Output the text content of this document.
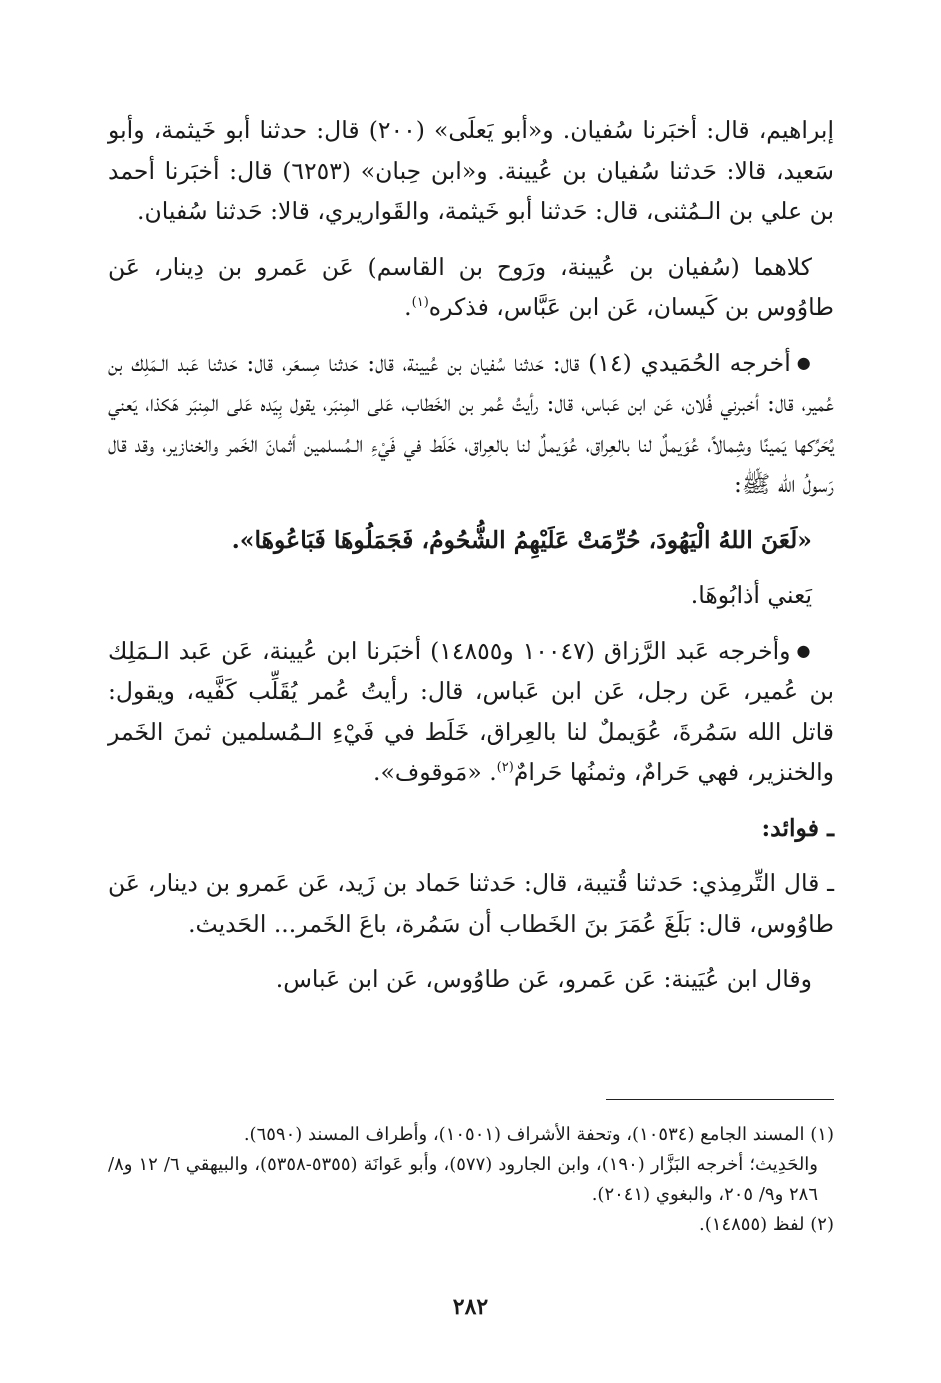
إبراهيم، قال: أخبَرنا سُفيان. و«أبو يَعلَى» (٢٠٠) قال: حدثنا أبو خَيثمة، وأبو سَعيد، قالا: حَدثنا سُفيان بن عُيينة. و«ابن حِبان» (٦٢٥٣) قال: أخبَرنا أحمد بن علي بن الـمُثنى، قال: حَدثنا أبو خَيثمة، والقَواريري، قالا: حَدثنا سُفيان.

كلاهما (سُفيان بن عُيينة، ورَوح بن القاسم) عَن عَمرو بن دِينار، عَن طاوُوس بن كَيسان، عَن ابن عَبَّاس، فذكره$^{(١)}$.

●أخرجه الحُمَيدي (١٤) قال: حَدثنا سُفيان بن عُيينة، قال: حَدثنا مِسعَر، قال: حَدثنا عَبد الـمَلِك بن عُمير، قال: أخبرني فُلان، عَن ابن عَباس، قال: رأيتُ عُمر بن الخَطاب، عَلى المِنبَر، يقول بِيَده عَلى المِنبَر هَكذا، يَعني يُحَرِّكها يَمينًا وشِمالاً، عُوَيملٌ لنا بالعِراق، عُوَيملٌ لنا بالعِراق، خَلَط في فَيْءِ الـمُسلمين أثمانَ الخَمر والخنازير، وقد قال رَسولُ الله ﷺ:

«لَعَنَ اللهُ الْيَهُودَ، حُرِّمَتْ عَلَيْهِمُ الشُّحُومُ، فَجَمَلُوهَا فَبَاعُوهَا».

يَعني أذابُوهَا.

●وأخرجه عَبد الرَّزاق (١٠٠٤٧ و١٤٨٥٥) أخبَرنا ابن عُيينة، عَن عَبد الـمَلِك بن عُمير، عَن رجل، عَن ابن عَباس، قال: رأيتُ عُمر يُقَلِّب كَفَّيه، ويقول: قاتل الله سَمُرةَ، عُوَيملٌ لنا بالعِراق، خَلَط في فَيْءِ الـمُسلمين ثمنَ الخَمر والخنزير، فهي حَرامٌ، وثمنُها حَرامٌ$^{(٢)}$. «مَوقوف».

ـ فوائد:

ـ قال التِّرمِذي: حَدثنا قُتيبة، قال: حَدثنا حَماد بن زَيد، عَن عَمرو بن دينار، عَن طاوُوس، قال: بَلَغَ عُمَرَ بنَ الخَطاب أن سَمُرة، باعَ الخَمر... الحَديث.

وقال ابن عُيَينة: عَن عَمرو، عَن طاوُوس، عَن ابن عَباس.

(١) المسند الجامع (١٠٥٣٤)، وتحفة الأشراف (١٠٥٠١)، وأطراف المسند (٦٥٩٠).

والحَدِيث؛ أخرجه البَزَّار (١٩٠)، وابن الجارود (٥٧٧)، وأبو عَوانَة (٥٣٥٥-٥٣٥٨)، والبيهقي ٦/ ١٢ و٨/ ٢٨٦ و٩/ ٢٠٥، والبغوي (٢٠٤١).

(٢) لفظ (١٤٨٥٥).

٢٨٢
